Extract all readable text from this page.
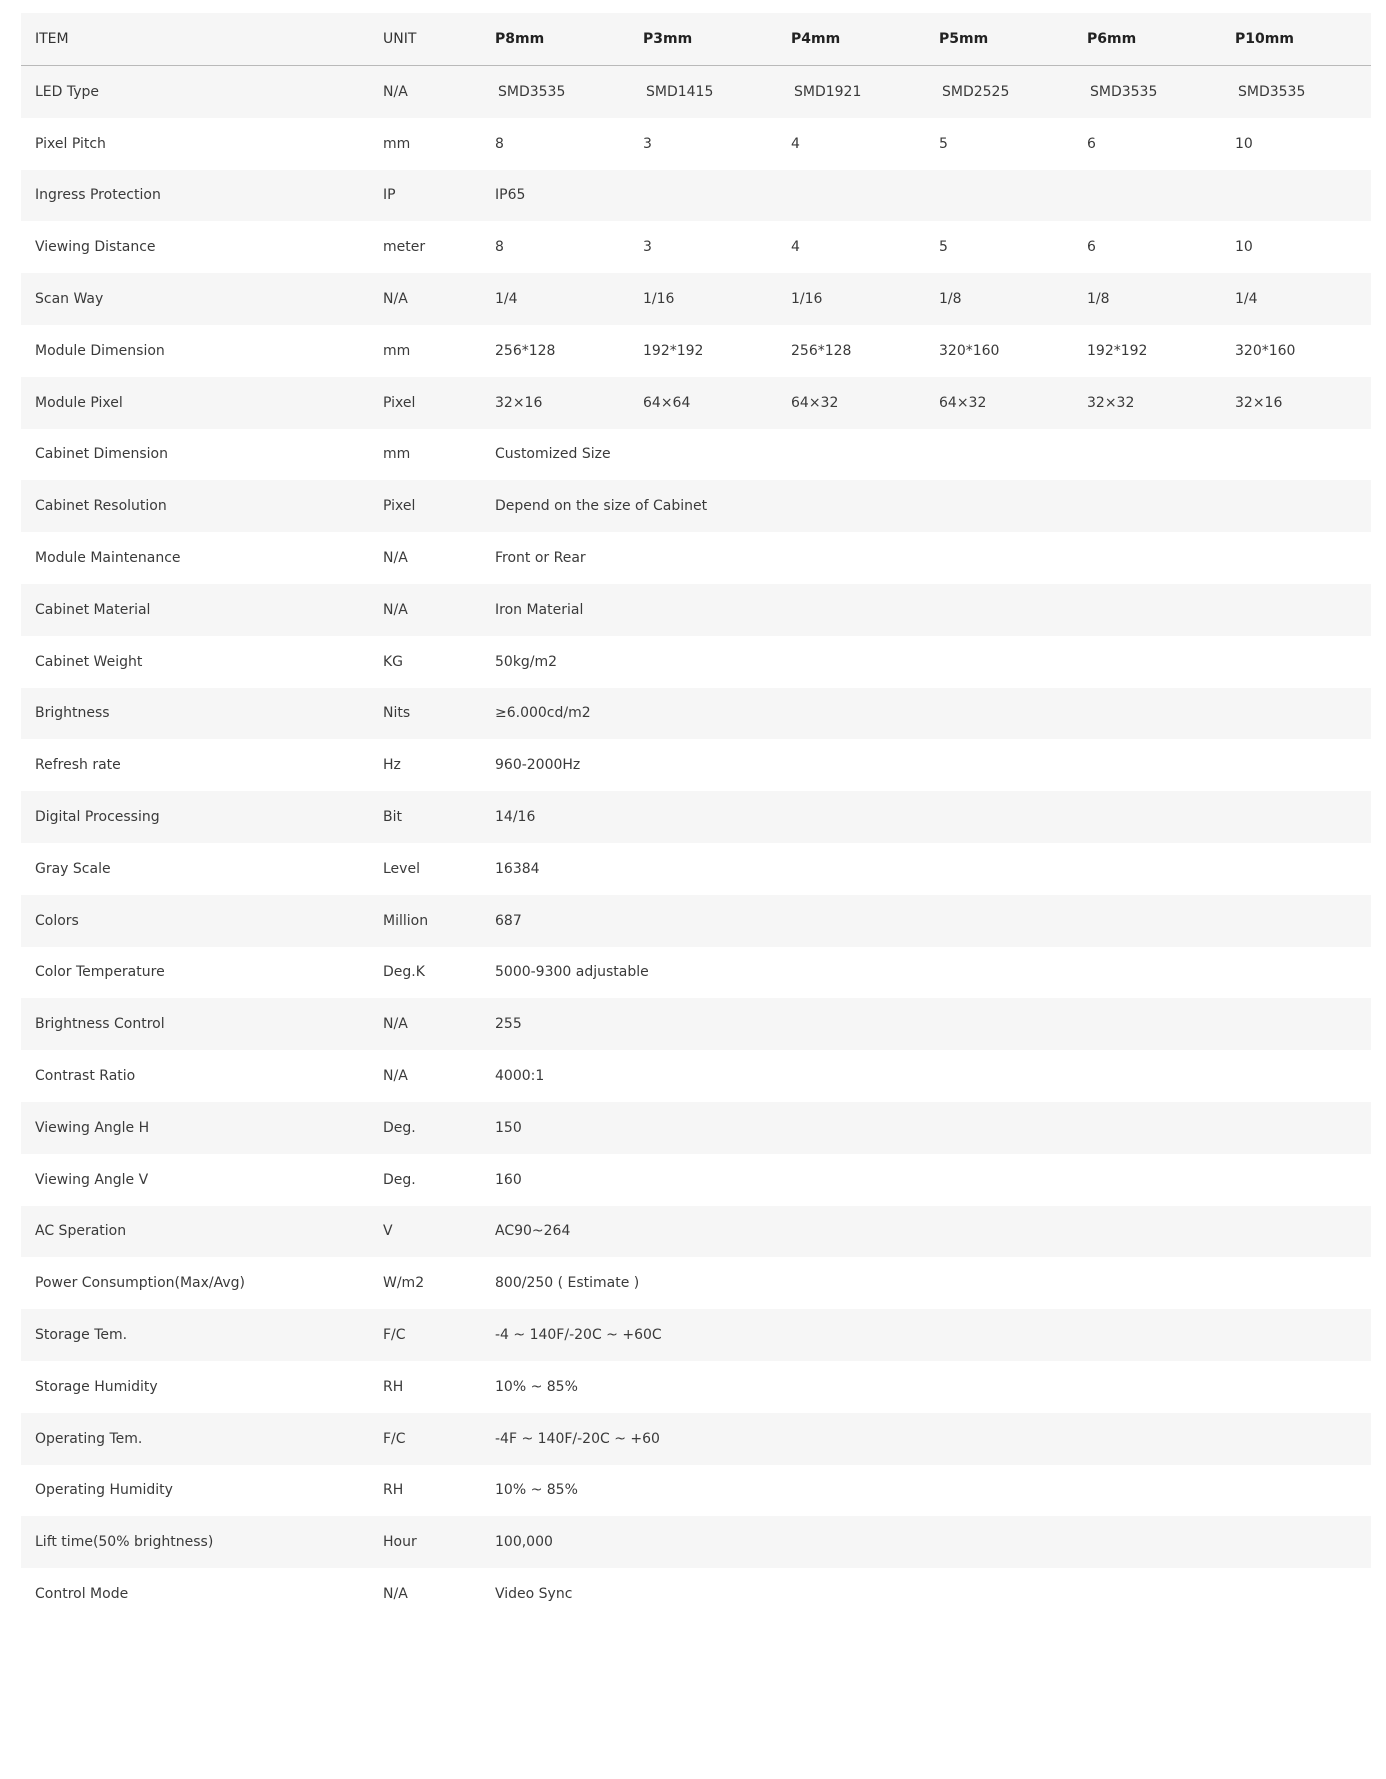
ITEM	UNIT	P8mm	P3mm	P4mm	P5mm	P6mm	P10mm
LED Type	N/A	SMD3535	SMD1415	SMD1921	SMD2525	SMD3535	SMD3535
Pixel Pitch	mm	8	3	4	5	6	10
Ingress Protection	IP	IP65
Viewing Distance	meter	8	3	4	5	6	10
Scan Way	N/A	1/4	1/16	1/16	1/8	1/8	1/4
Module Dimension	mm	256*128	192*192	256*128	320*160	192*192	320*160
Module Pixel	Pixel	32×16	64×64	64×32	64×32	32×32	32×16
Cabinet Dimension	mm	Customized Size
Cabinet Resolution	Pixel	Depend on the size of Cabinet
Module Maintenance	N/A	Front or Rear
Cabinet Material	N/A	Iron Material
Cabinet Weight	KG	50kg/m2
Brightness	Nits	≥6.000cd/m2
Refresh rate	Hz	960-2000Hz
Digital Processing	Bit	14/16
Gray Scale	Level	16384
Colors	Million	687
Color Temperature	Deg.K	5000-9300 adjustable
Brightness Control	N/A	255
Contrast Ratio	N/A	4000:1
Viewing Angle H	Deg.	150
Viewing Angle V	Deg.	160
AC Speration	V	AC90~264
Power Consumption(Max/Avg)	W/m2	800/250 ( Estimate )
Storage Tem.	F/C	-4 ~ 140F/-20C ~ +60C
Storage Humidity	RH	10% ~ 85%
Operating Tem.	F/C	-4F ~ 140F/-20C ~ +60
Operating Humidity	RH	10% ~ 85%
Lift time(50% brightness)	Hour	100,000
Control Mode	N/A	Video Sync
